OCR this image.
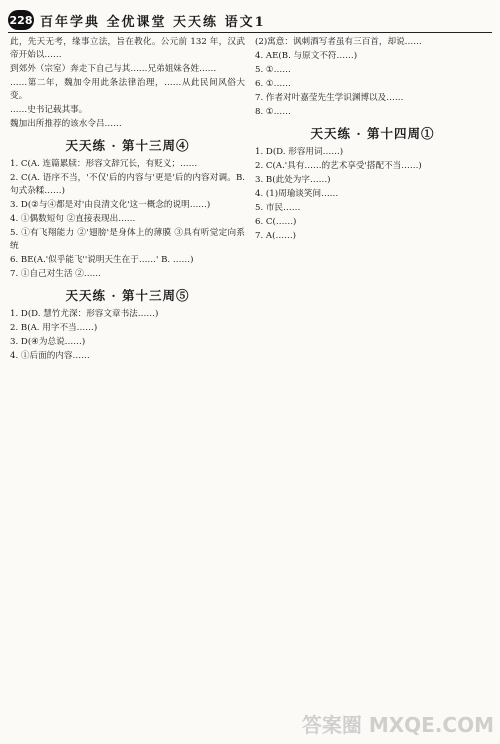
228 百年学典 全优课堂 天天练 语文1

此，先天无考，缘事立法，旨在教化。公元前 132 年，汉武帝开始以……

到郊外（宗室）奔走下自己与其……兄弟姐妹各姓……

……第二年，魏加令用此条法律治理，……从此民间风俗大变。

……史书记载其事。

魏加出所推荐的该水令吕……

天天练 · 第十三周④

1. C(A. 连篇累牍：形容文辞冗长，有贬义；……

2. C(A. 语序不当，'不仅'后的内容与'更是'后的内容对调。B. 句式杂糅……)

3. D(②与④都是对'由良清文化'这一概念的说明……)

4. ①偶数短句 ②直接表现出……

5. ①有飞翔能力 ②'翅膀'是身体上的薄膜 ③具有听觉定向系统

6. BE(A.'似乎能飞''说明天生在于……' B. ……)

7. ①自己对生活 ②……

天天练 · 第十三周⑤

1. D(D. 慧竹尤深：形容文章书法……)

2. B(A. 用字不当……)

3. D(④为总说……)

4. ①后面的内容……

(2)寓意：讽刺酒写者虽有三百首，却说……

4. AE(B. 与原文不符……)

5. ①……

6. ①……

7. 作者对叶嘉莹先生学识渊博以及……

8. ①……

天天练 · 第十四周①

1. D(D. 形容用词……)

2. C(A.'具有……的艺术享受'搭配不当……)

3. B(此处为字……)

4. (1)周瑜谈笑间……

5. 市民……

6. C(……)

7. A(……)

答案圈 MXQE.COM
